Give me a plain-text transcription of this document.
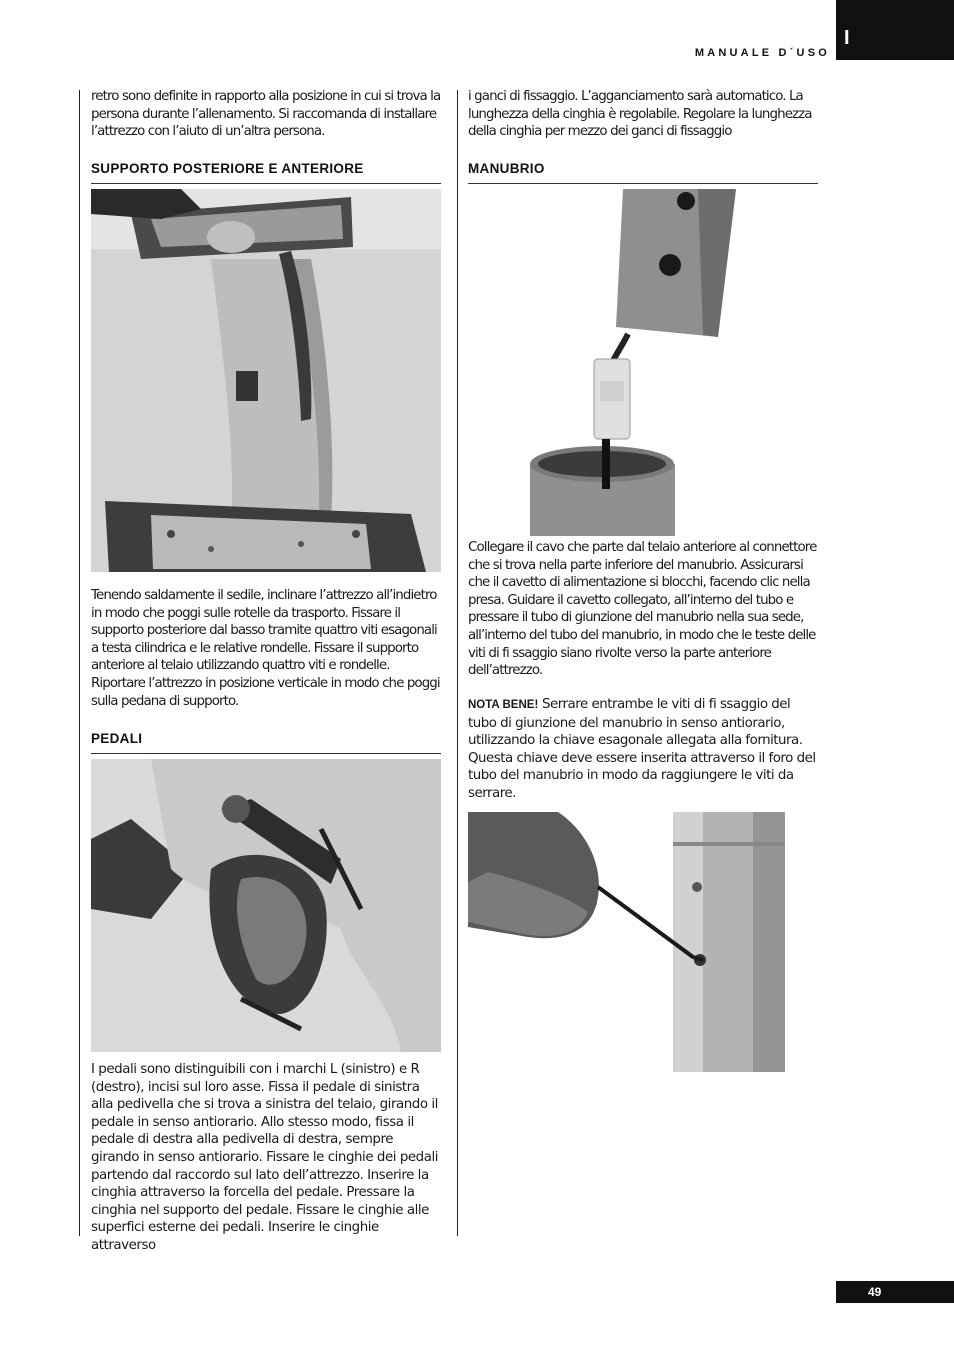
MANUALE D´USO
I

retro sono definite in rapporto alla posizione in cui si trova la persona durante l’allenamento. Si raccomanda di installare l’attrezzo con l’aiuto di un’altra persona.

SUPPORTO POSTERIORE E ANTERIORE

Tenendo saldamente il sedile, inclinare l’attrezzo all’indietro in modo che poggi sulle rotelle da trasporto. Fissare il supporto posteriore dal basso tramite quattro viti esagonali a testa cilindrica e le relative rondelle. Fissare il supporto anteriore al telaio utilizzando quattro viti e rondelle. Riportare l’attrezzo in posizione verticale in modo che poggi sulla pedana di supporto.

PEDALI

I pedali sono distinguibili con i marchi L (sinistro) e R (destro), incisi sul loro asse. Fissa il pedale di sinistra alla pedivella che si trova a sinistra del telaio, girando il pedale in senso antiorario. Allo stesso modo, fissa il pedale di destra alla pedivella di destra, sempre girando in senso antiorario. Fissare le cinghie dei pedali partendo dal raccordo sul lato dell’attrezzo. Inserire la cinghia attraverso la forcella del pedale. Pressare la cinghia nel supporto del pedale. Fissare le cinghie alle superfici esterne dei pedali. Inserire le cinghie attraverso

i ganci di fissaggio. L’agganciamento sarà automatico. La lunghezza della cinghia è regolabile. Regolare la lunghezza della cinghia per mezzo dei ganci di fissaggio

MANUBRIO

Collegare il cavo che parte dal telaio anteriore al connettore che si trova nella parte inferiore del manubrio. Assicurarsi che il cavetto di alimentazione si blocchi, facendo clic nella presa. Guidare il cavetto collegato, all’interno del tubo e pressare il tubo di giunzione del manubrio nella sua sede, all’interno del tubo del manubrio, in modo che le teste delle viti di fi ssaggio siano rivolte verso la parte anteriore dell’attrezzo.

NOTA BENE! Serrare entrambe le viti di fi ssaggio del tubo di giunzione del manubrio in senso antiorario, utilizzando la chiave esagonale allegata alla fornitura. Questa chiave deve essere inserita attraverso il foro del tubo del manubrio in modo da raggiungere le viti da serrare.

49
